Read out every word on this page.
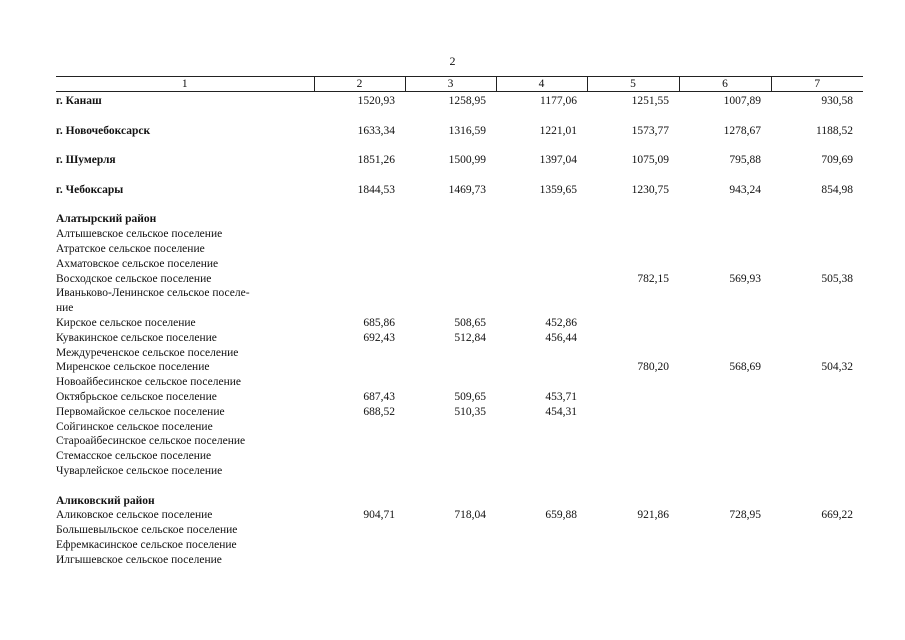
2
1	2	3	4	5	6	7
г. Канаш	1520,93	1258,95	1177,06	1251,55	1007,89	930,58

г. Новочебоксарск	1633,34	1316,59	1221,01	1573,77	1278,67	1188,52

г. Шумерля	1851,26	1500,99	1397,04	1075,09	795,88	709,69

г. Чебоксары	1844,53	1469,73	1359,65	1230,75	943,24	854,98

Алатырский район						
Алтышевское сельское поселение						
Атратское сельское поселение						
Ахматовское сельское поселение						
Восходское сельское поселение				782,15	569,93	505,38
Иваньково-Ленинское сельское поселе-						
ние						
Кирское сельское поселение	685,86	508,65	452,86			
Кувакинское сельское поселение	692,43	512,84	456,44			
Междуреченское сельское поселение						
Миренское сельское поселение				780,20	568,69	504,32
Новоайбесинское сельское поселение						
Октябрьское сельское поселение	687,43	509,65	453,71			
Первомайское сельское поселение	688,52	510,35	454,31			
Сойгинское сельское поселение						
Староайбесинское сельское поселение						
Стемасское сельское поселение						
Чуварлейское сельское поселение						

Аликовский район						
Аликовское сельское поселение	904,71	718,04	659,88	921,86	728,95	669,22
Большевыльское сельское поселение						
Ефремкасинское сельское поселение						
Илгышевское сельское поселение						
